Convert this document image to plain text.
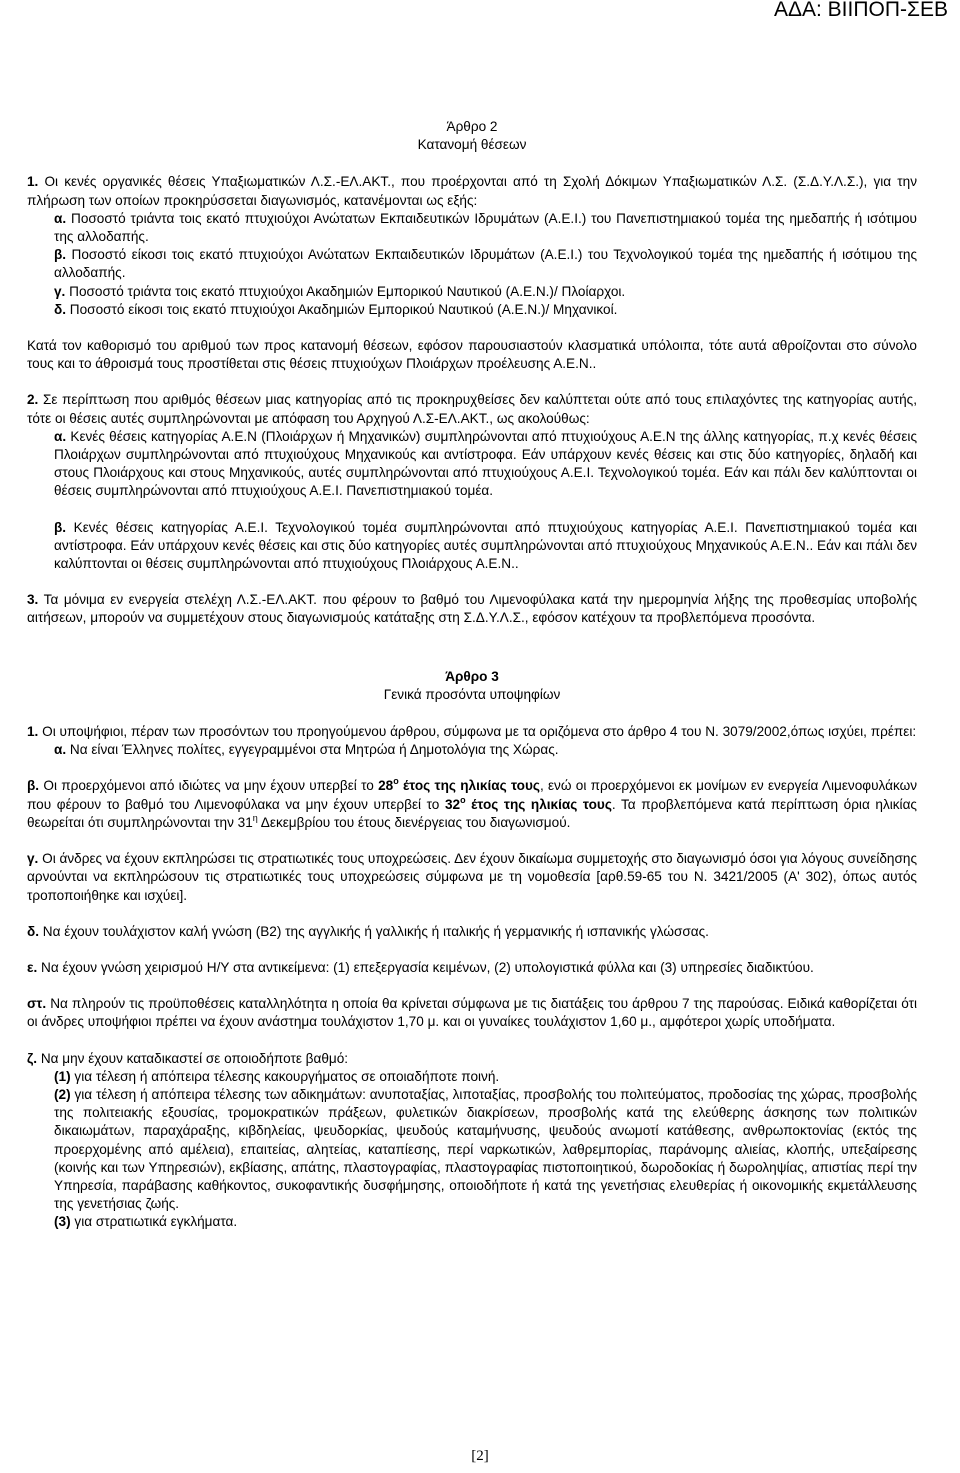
ΑΔΑ: ΒΙΙΠΟΠ-ΣΕΒ

Άρθρο 2

Κατανομή θέσεων

1. Οι κενές οργανικές θέσεις Υπαξιωματικών Λ.Σ.-ΕΛ.ΑΚΤ., που προέρχονται από τη Σχολή Δόκιμων Υπαξιωματικών Λ.Σ. (Σ.Δ.Υ.Λ.Σ.), για την πλήρωση των οποίων προκηρύσσεται διαγωνισμός, κατανέμονται ως εξής:

α. Ποσοστό τριάντα τοις εκατό πτυχιούχοι Ανώτατων Εκπαιδευτικών Ιδρυμάτων (Α.Ε.Ι.) του Πανεπιστημιακού τομέα της ημεδαπής ή ισότιμου της αλλοδαπής.

β. Ποσοστό είκοσι τοις εκατό πτυχιούχοι Ανώτατων Εκπαιδευτικών Ιδρυμάτων (Α.Ε.Ι.) του Τεχνολογικού τομέα της ημεδαπής ή ισότιμου της αλλοδαπής.

γ. Ποσοστό τριάντα τοις εκατό πτυχιούχοι Ακαδημιών Εμπορικού Ναυτικού (Α.Ε.Ν.)/ Πλοίαρχοι.

δ. Ποσοστό είκοσι τοις εκατό πτυχιούχοι Ακαδημιών Εμπορικού Ναυτικού (Α.Ε.Ν.)/ Μηχανικοί.

Κατά τον καθορισμό του αριθμού των προς κατανομή θέσεων, εφόσον παρουσιαστούν κλασματικά υπόλοιπα, τότε αυτά αθροίζονται στο σύνολο τους και το άθροισμά τους προστίθεται στις θέσεις πτυχιούχων Πλοιάρχων προέλευσης Α.Ε.Ν..

2. Σε περίπτωση που αριθμός θέσεων μιας κατηγορίας από τις προκηρυχθείσες δεν καλύπτεται ούτε από τους επιλαχόντες της κατηγορίας αυτής, τότε οι θέσεις αυτές συμπληρώνονται με απόφαση του Αρχηγού Λ.Σ-ΕΛ.ΑΚΤ., ως ακολούθως:

α. Κενές θέσεις κατηγορίας Α.Ε.Ν (Πλοιάρχων ή Μηχανικών) συμπληρώνονται από πτυχιούχους Α.Ε.Ν της άλλης κατηγορίας, π.χ κενές θέσεις Πλοιάρχων συμπληρώνονται από πτυχιούχους Μηχανικούς και αντίστροφα. Εάν υπάρχουν κενές θέσεις και στις δύο κατηγορίες, δηλαδή και στους Πλοιάρχους και στους Μηχανικούς, αυτές συμπληρώνονται από πτυχιούχους Α.Ε.Ι. Τεχνολογικού τομέα. Εάν και πάλι δεν καλύπτονται οι θέσεις συμπληρώνονται από πτυχιούχους Α.Ε.Ι. Πανεπιστημιακού τομέα.

β. Κενές θέσεις κατηγορίας Α.Ε.Ι. Τεχνολογικού τομέα συμπληρώνονται από πτυχιούχους κατηγορίας Α.Ε.Ι. Πανεπιστημιακού τομέα και αντίστροφα. Εάν υπάρχουν κενές θέσεις και στις δύο κατηγορίες αυτές συμπληρώνονται από πτυχιούχους Μηχανικούς Α.Ε.Ν.. Εάν και πάλι δεν καλύπτονται οι θέσεις συμπληρώνονται από πτυχιούχους Πλοιάρχους Α.Ε.Ν..

3. Τα μόνιμα εν ενεργεία στελέχη Λ.Σ.-ΕΛ.ΑΚΤ. που φέρουν το βαθμό του Λιμενοφύλακα κατά την ημερομηνία λήξης της προθεσμίας υποβολής αιτήσεων, μπορούν να συμμετέχουν στους διαγωνισμούς κατάταξης στη Σ.Δ.Υ.Λ.Σ., εφόσον κατέχουν τα προβλεπόμενα προσόντα.

Άρθρο 3

Γενικά προσόντα υποψηφίων

1. Οι υποψήφιοι, πέραν των προσόντων του προηγούμενου άρθρου, σύμφωνα με τα οριζόμενα στο άρθρο 4 του Ν. 3079/2002,όπως ισχύει, πρέπει:

α. Να είναι Έλληνες πολίτες, εγγεγραμμένοι στα Μητρώα ή Δημοτολόγια της Χώρας.

β. Οι προερχόμενοι από ιδιώτες να μην έχουν υπερβεί το $28^o$ έτος της ηλικίας τους, ενώ οι προερχόμενοι εκ μονίμων εν ενεργεία Λιμενοφυλάκων που φέρουν το βαθμό του Λιμενοφύλακα να μην έχουν υπερβεί το $32^o$ έτος της ηλικίας τους. Τα προβλεπόμενα κατά περίπτωση όρια ηλικίας θεωρείται ότι συμπληρώνονται την $31^\eta$ Δεκεμβρίου του έτους διενέργειας του διαγωνισμού.

γ. Οι άνδρες να έχουν εκπληρώσει τις στρατιωτικές τους υποχρεώσεις. Δεν έχουν δικαίωμα συμμετοχής στο διαγωνισμό όσοι για λόγους συνείδησης αρνούνται να εκπληρώσουν τις στρατιωτικές τους υποχρεώσεις σύμφωνα με τη νομοθεσία [αρθ.59-65 του Ν. 3421/2005 (Α' 302), όπως αυτός τροποποιήθηκε και ισχύει].

δ. Να έχουν τουλάχιστον καλή γνώση (Β2) της αγγλικής ή γαλλικής ή ιταλικής ή γερμανικής ή ισπανικής γλώσσας.

ε. Να έχουν γνώση χειρισμού Η/Υ στα αντικείμενα: (1) επεξεργασία κειμένων, (2) υπολογιστικά φύλλα και (3) υπηρεσίες διαδικτύου.

στ. Να πληρούν τις προϋποθέσεις καταλληλότητα η οποία θα κρίνεται σύμφωνα με τις διατάξεις του άρθρου 7 της παρούσας. Ειδικά καθορίζεται ότι οι άνδρες υποψήφιοι πρέπει να έχουν ανάστημα τουλάχιστον 1,70 μ. και οι γυναίκες τουλάχιστον 1,60 μ., αμφότεροι χωρίς υποδήματα.

ζ. Να μην έχουν καταδικαστεί σε οποιοδήποτε βαθμό:

(1) για τέλεση ή απόπειρα τέλεσης κακουργήματος σε οποιαδήποτε ποινή.

(2) για τέλεση ή απόπειρα τέλεσης των αδικημάτων: ανυποταξίας, λιποταξίας, προσβολής του πολιτεύματος, προδοσίας της χώρας, προσβολής της πολιτειακής εξουσίας, τρομοκρατικών πράξεων, φυλετικών διακρίσεων, προσβολής κατά της ελεύθερης άσκησης των πολιτικών δικαιωμάτων, παραχάραξης, κιβδηλείας, ψευδορκίας, ψευδούς καταμήνυσης, ψευδούς ανωμοτί κατάθεσης, ανθρωποκτονίας (εκτός της προερχομένης από αμέλεια), επαιτείας, αλητείας, καταπίεσης, περί ναρκωτικών, λαθρεμπορίας, παράνομης αλιείας, κλοπής, υπεξαίρεσης (κοινής και των Υπηρεσιών), εκβίασης, απάτης, πλαστογραφίας, πλαστογραφίας πιστοποιητικού, δωροδοκίας ή δωροληψίας, απιστίας περί την Υπηρεσία, παράβασης καθήκοντος, συκοφαντικής δυσφήμησης, οποιοδήποτε ή κατά της γενετήσιας ελευθερίας ή οικονομικής εκμετάλλευσης της γενετήσιας ζωής.

(3) για στρατιωτικά εγκλήματα.

[2]
